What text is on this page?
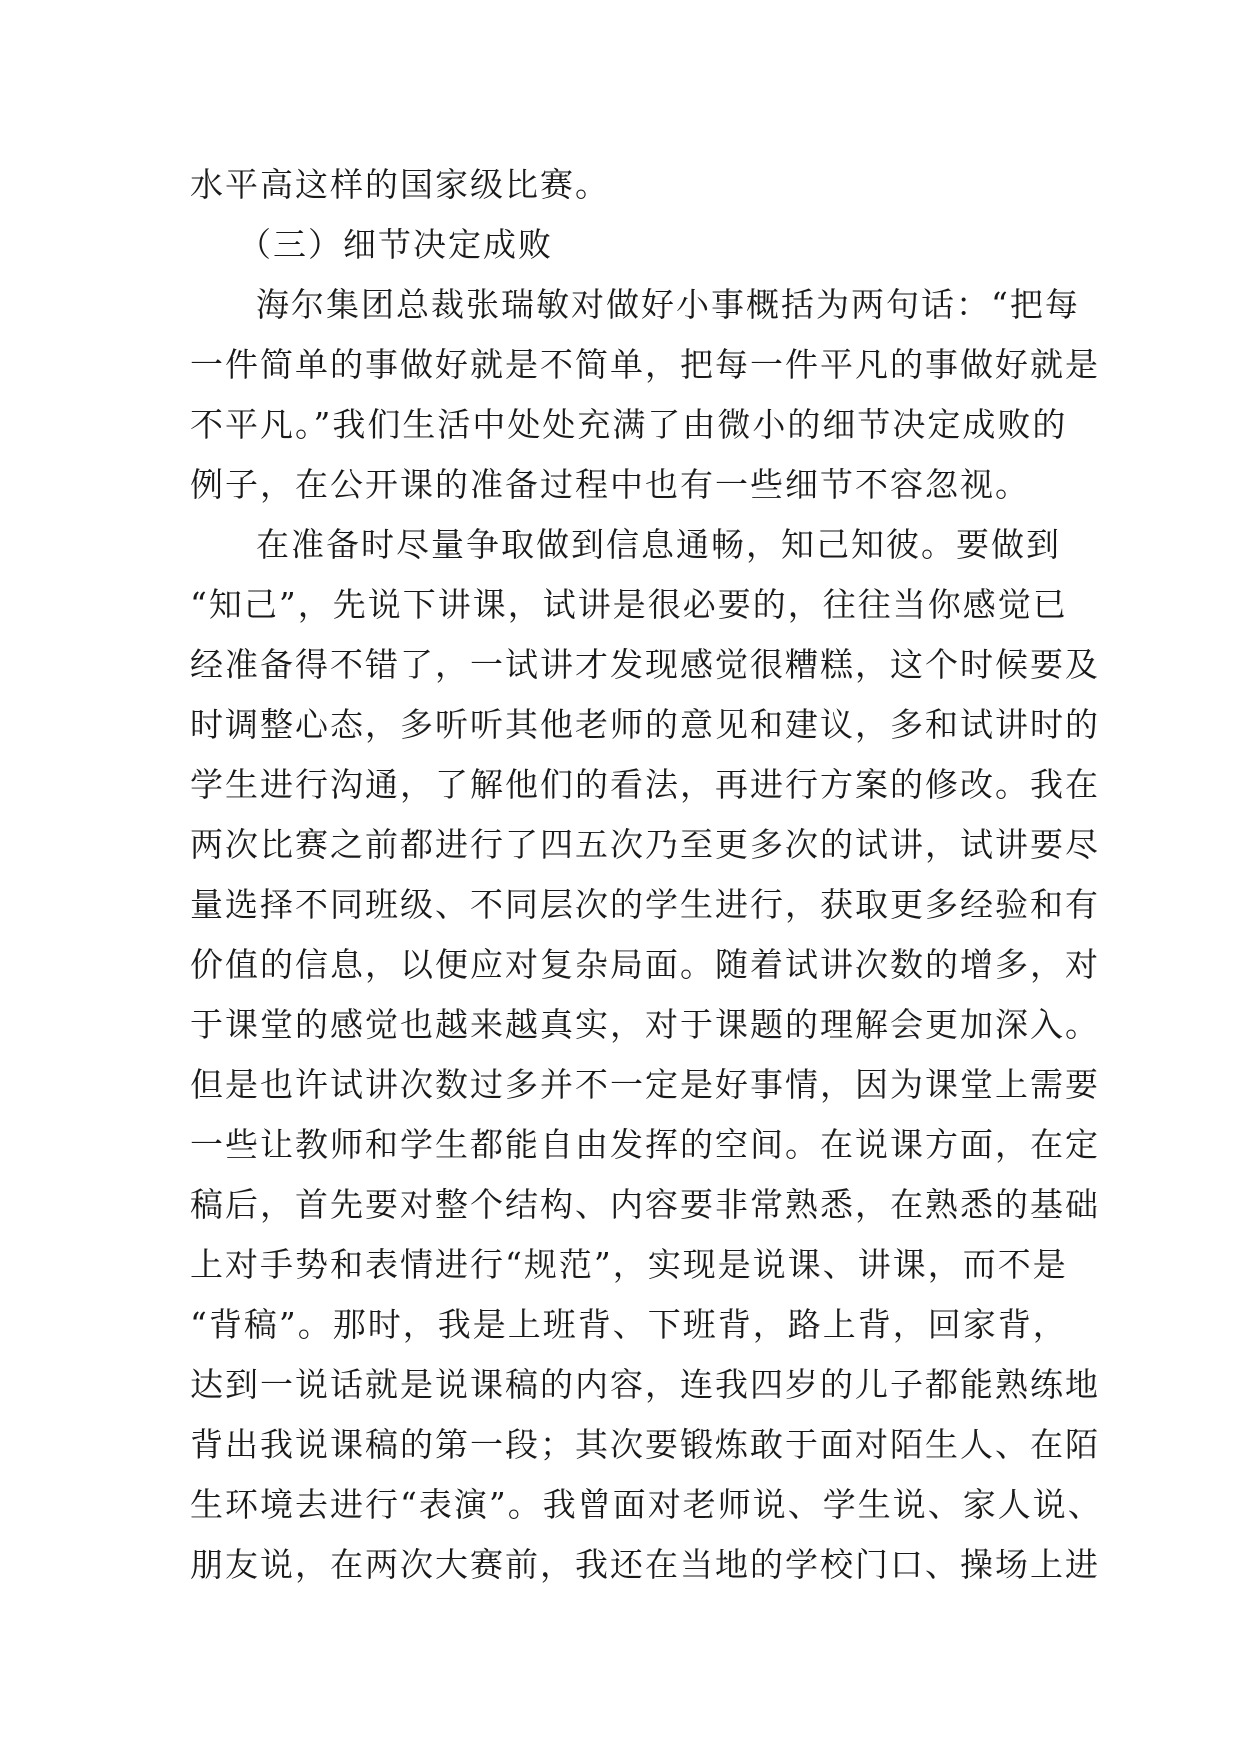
水平高这样的国家级比赛。
（三）细节决定成败
海尔集团总裁张瑞敏对做好小事概括为两句话：“把每
一件简单的事做好就是不简单，把每一件平凡的事做好就是
不平凡。”我们生活中处处充满了由微小的细节决定成败的
例子，在公开课的准备过程中也有一些细节不容忽视。
在准备时尽量争取做到信息通畅，知己知彼。要做到
“知己”，先说下讲课，试讲是很必要的，往往当你感觉已
经准备得不错了，一试讲才发现感觉很糟糕，这个时候要及
时调整心态，多听听其他老师的意见和建议，多和试讲时的
学生进行沟通，了解他们的看法，再进行方案的修改。我在
两次比赛之前都进行了四五次乃至更多次的试讲，试讲要尽
量选择不同班级、不同层次的学生进行，获取更多经验和有
价值的信息，以便应对复杂局面。随着试讲次数的增多，对
于课堂的感觉也越来越真实，对于课题的理解会更加深入。
但是也许试讲次数过多并不一定是好事情，因为课堂上需要
一些让教师和学生都能自由发挥的空间。在说课方面，在定
稿后，首先要对整个结构、内容要非常熟悉，在熟悉的基础
上对手势和表情进行“规范”，实现是说课、讲课，而不是
“背稿”。那时，我是上班背、下班背，路上背，回家背，
达到一说话就是说课稿的内容，连我四岁的儿子都能熟练地
背出我说课稿的第一段；其次要锻炼敢于面对陌生人、在陌
生环境去进行“表演”。我曾面对老师说、学生说、家人说、
朋友说，在两次大赛前，我还在当地的学校门口、操场上进
